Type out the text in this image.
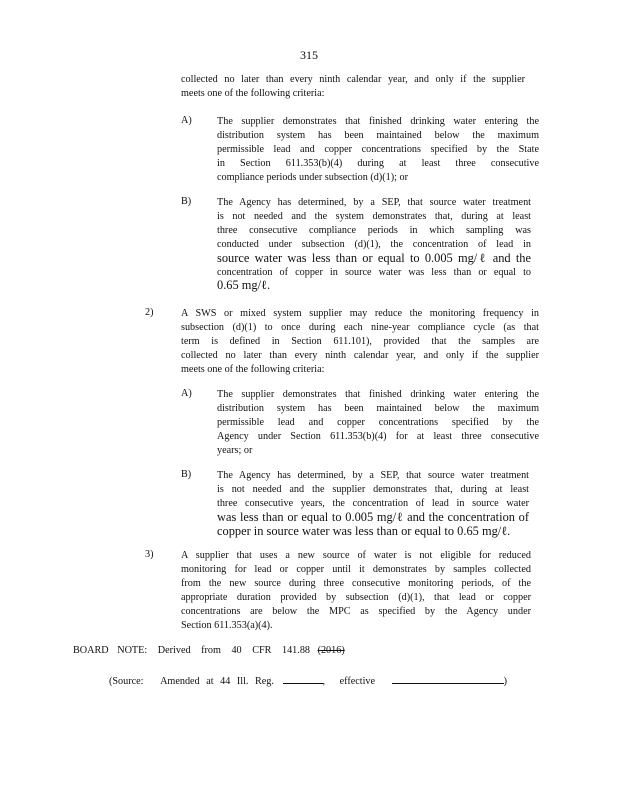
315
collected no later than every ninth calendar year, and only if the supplier
meets one of the following criteria:
A) The supplier demonstrates that finished drinking water entering the
distribution system has been maintained below the maximum
permissible lead and copper concentrations specified by the State
in Section 611.353(b)(4) during at least three consecutive
compliance periods under subsection (d)(1); or
B)	The Agency has determined, by a SEP, that source water treatment
is not needed and the system demonstrates that, during at least
three consecutive compliance periods in which sampling was
conducted under subsection (d)(1), the concentration of lead in
source water was less than or equal to 0.005 mg/ℓ and the
concentration of copper in source water was less than or equal to
0.65 mg/ℓ.
2)	A SWS or mixed system supplier may reduce the monitoring frequency in
subsection (d)(1) to once during each nine-year compliance cycle (as that
term is defined in Section 611.101), provided that the samples are
collected no later than every ninth calendar year, and only if the supplier
meets one of the following criteria:
A) The supplier demonstrates that finished drinking water entering the
distribution system has been maintained below the maximum
permissible lead and copper concentrations specified by the
Agency under Section 611.353(b)(4) for at least three consecutive
years; or
B)	The Agency has determined, by a SEP, that source water treatment
is not needed and the supplier demonstrates that, during at least
three consecutive years, the concentration of lead in source water
was less than or equal to 0.005 mg/ℓ and the concentration of
copper in source water was less than or equal to 0.65 mg/ℓ.
3)	A supplier that uses a new source of water is not eligible for reduced
monitoring for lead or copper until it demonstrates by samples collected
from the new source during three consecutive monitoring periods, of the
appropriate duration provided by subsection (d)(1), that lead or copper
concentrations are below the MPC as specified by the Agency under
Section 611.353(a)(4).
BOARD NOTE: Derived from 40 CFR 141.88 (2016)
(Source: Amended at 44 Ill. Reg.	, effective	)
